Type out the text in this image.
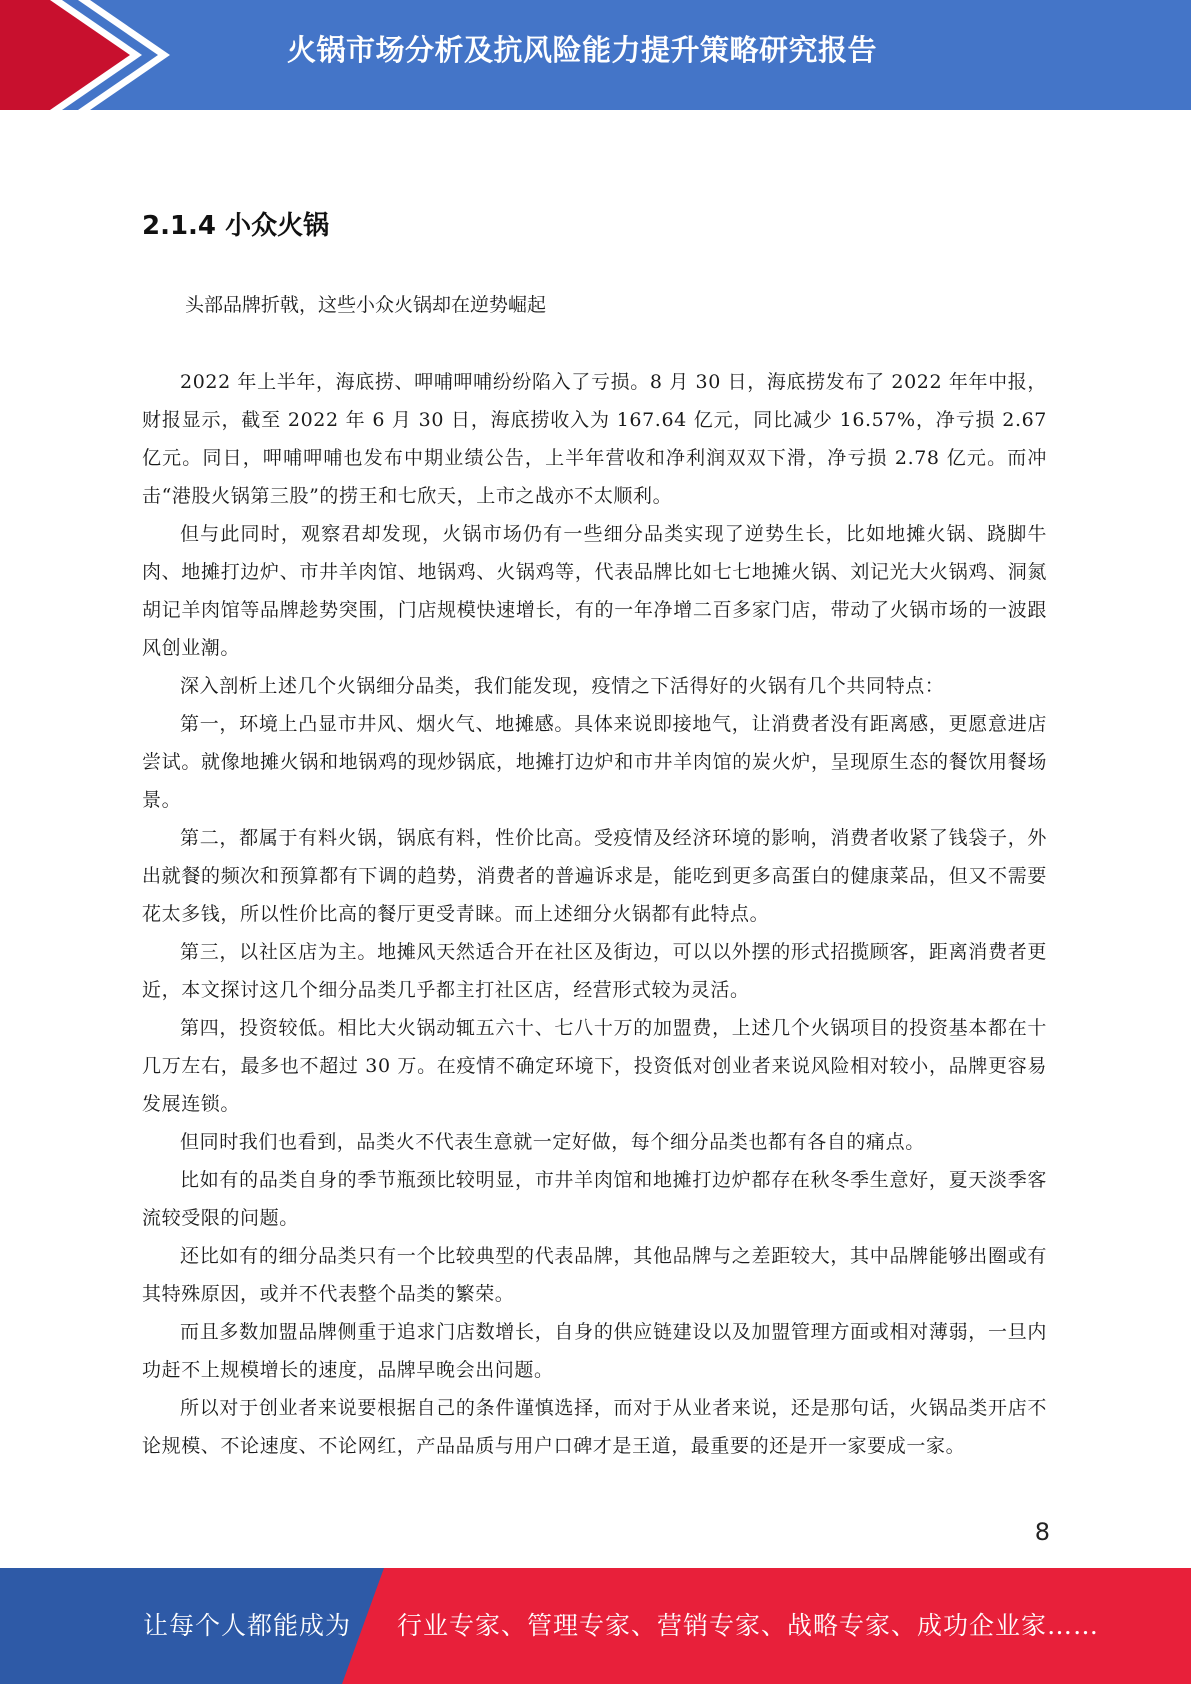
火锅市场分析及抗风险能力提升策略研究报告
2.1.4 小众火锅
头部品牌折戟，这些小众火锅却在逆势崛起

2022 年上半年，海底捞、呷哺呷哺纷纷陷入了亏损。8 月 30 日，海底捞发布了 2022 年年中报，财报显示，截至 2022 年 6 月 30 日，海底捞收入为 167.64 亿元，同比减少 16.57%，净亏损 2.67 亿元。同日，呷哺呷哺也发布中期业绩公告，上半年营收和净利润双双下滑，净亏损 2.78 亿元。而冲击“港股火锅第三股”的捞王和七欣天，上市之战亦不太顺利。

但与此同时，观察君却发现，火锅市场仍有一些细分品类实现了逆势生长，比如地摊火锅、跷脚牛肉、地摊打边炉、市井羊肉馆、地锅鸡、火锅鸡等，代表品牌比如七七地摊火锅、刘记光大火锅鸡、洞氮胡记羊肉馆等品牌趁势突围，门店规模快速增长，有的一年净增二百多家门店，带动了火锅市场的一波跟风创业潮。

深入剖析上述几个火锅细分品类，我们能发现，疫情之下活得好的火锅有几个共同特点：

第一，环境上凸显市井风、烟火气、地摊感。具体来说即接地气，让消费者没有距离感，更愿意进店尝试。就像地摊火锅和地锅鸡的现炒锅底，地摊打边炉和市井羊肉馆的炭火炉，呈现原生态的餐饮用餐场景。

第二，都属于有料火锅，锅底有料，性价比高。受疫情及经济环境的影响，消费者收紧了钱袋子，外出就餐的频次和预算都有下调的趋势，消费者的普遍诉求是，能吃到更多高蛋白的健康菜品，但又不需要花太多钱，所以性价比高的餐厅更受青睐。而上述细分火锅都有此特点。

第三，以社区店为主。地摊风天然适合开在社区及街边，可以以外摆的形式招揽顾客，距离消费者更近，本文探讨这几个细分品类几乎都主打社区店，经营形式较为灵活。

第四，投资较低。相比大火锅动辄五六十、七八十万的加盟费，上述几个火锅项目的投资基本都在十几万左右，最多也不超过 30 万。在疫情不确定环境下，投资低对创业者来说风险相对较小，品牌更容易发展连锁。

但同时我们也看到，品类火不代表生意就一定好做，每个细分品类也都有各自的痛点。

比如有的品类自身的季节瓶颈比较明显，市井羊肉馆和地摊打边炉都存在秋冬季生意好，夏天淡季客流较受限的问题。

还比如有的细分品类只有一个比较典型的代表品牌，其他品牌与之差距较大，其中品牌能够出圈或有其特殊原因，或并不代表整个品类的繁荣。

而且多数加盟品牌侧重于追求门店数增长，自身的供应链建设以及加盟管理方面或相对薄弱，一旦内功赶不上规模增长的速度，品牌早晚会出问题。

所以对于创业者来说要根据自己的条件谨慎选择，而对于从业者来说，还是那句话，火锅品类开店不论规模、不论速度、不论网红，产品品质与用户口碑才是王道，最重要的还是开一家要成一家。

8
让每个人都能成为 行业专家、管理专家、营销专家、战略专家、成功企业家……
